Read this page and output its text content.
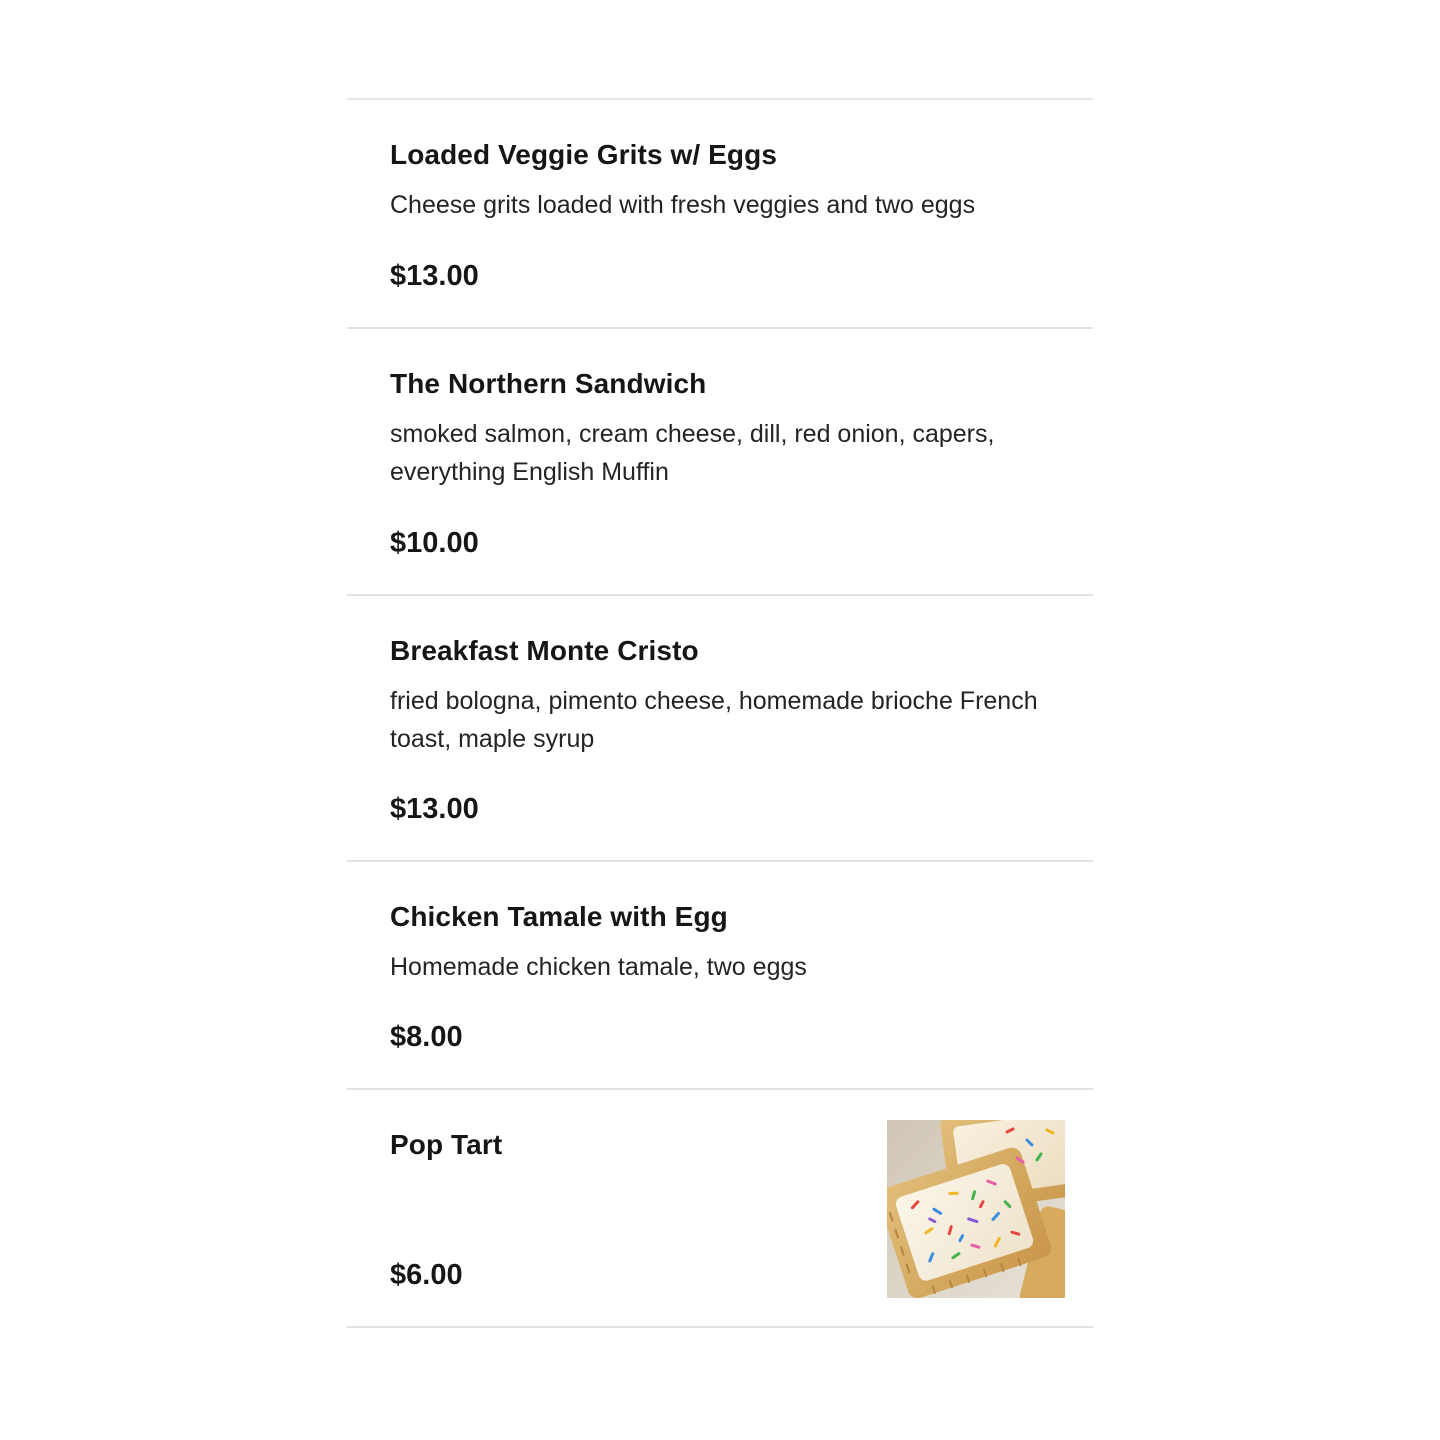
Loaded Veggie Grits w/ Eggs

Cheese grits loaded with fresh veggies and two eggs

$13.00

The Northern Sandwich

smoked salmon, cream cheese, dill, red onion, capers, everything English Muffin

$10.00

Breakfast Monte Cristo

fried bologna, pimento cheese, homemade brioche French toast, maple syrup

$13.00

Chicken Tamale with Egg

Homemade chicken tamale, two eggs

$8.00

Pop Tart

$6.00
